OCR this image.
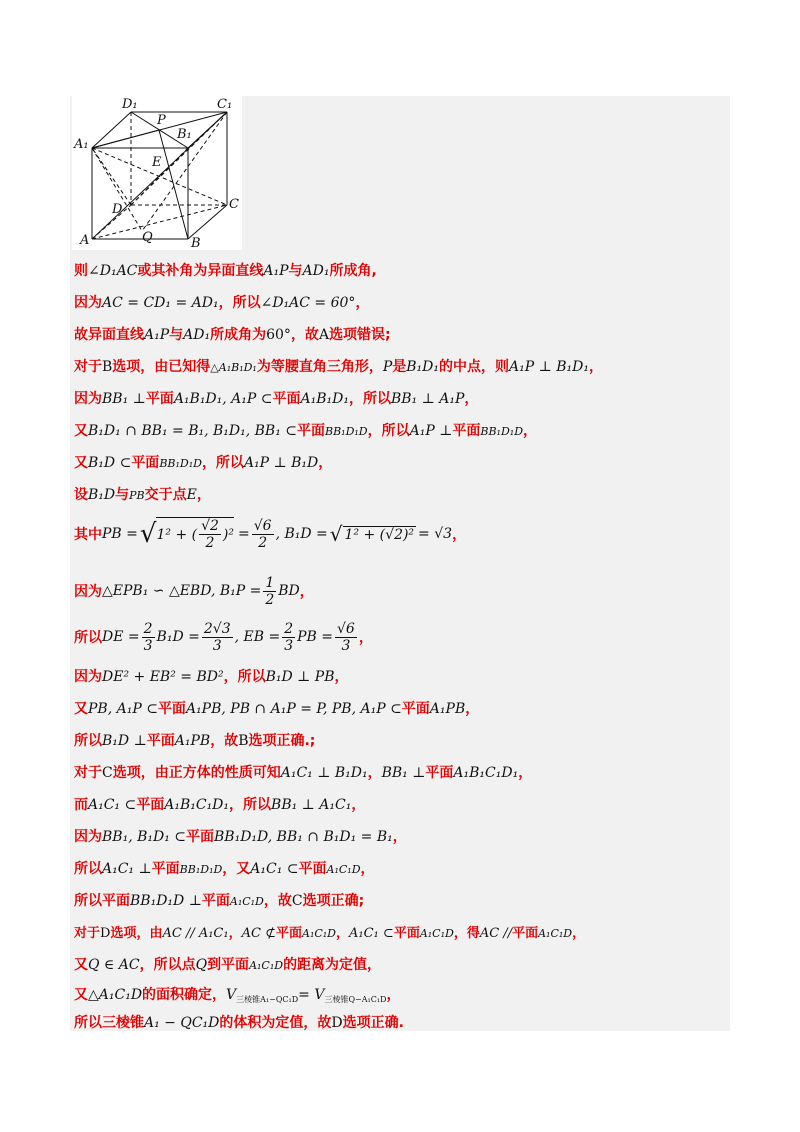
D₁	C₁
A₁
B₁
P
E
D	C
A	Q	B
则∠D₁AC或其补角为异面直线A₁P与AD₁所成角,
因为AC = CD₁ = AD₁，所以∠D₁AC = 60°，
故异面直线A₁P与AD₁所成角为60°，故A选项错误;
对于B选项，由已知得△A₁B₁D₁为等腰直角三角形，P是B₁D₁的中点，则A₁P ⊥ B₁D₁，
因为BB₁ ⊥平面A₁B₁D₁, A₁P ⊂平面A₁B₁D₁，所以BB₁ ⊥ A₁P，
又B₁D₁ ∩ BB₁ = B₁, B₁D₁, BB₁ ⊂平面BB₁D₁D，所以A₁P ⊥平面BB₁D₁D，
又B₁D ⊂平面BB₁D₁D，所以A₁P ⊥ B₁D，
设B₁D与PB交于点E，
其中 PB = √ 1² + ( $\frac{√2}{2} )^2 = \frac{√6}{2}$ , B₁D = √ 1² + (√2)² = √3 ，
因为 △EPB₁ ∽ △EBD, $B_1P = \frac{1}{2}$ BD ，
所以 DE = $\frac{2}{3} B_1D = \frac{2√3}{3}$ , EB = $\frac{2}{3}$ PB = $\frac{√6}{3}$ ，
因为DE² + EB² = BD²，所以B₁D ⊥ PB，
又PB, A₁P ⊂平面A₁PB, PB ∩ A₁P = P, PB, A₁P ⊂平面A₁PB，
所以B₁D ⊥平面A₁PB，故B选项正确.;
对于C选项，由正方体的性质可知A₁C₁ ⊥ B₁D₁，BB₁ ⊥平面A₁B₁C₁D₁，
而A₁C₁ ⊂平面A₁B₁C₁D₁，所以BB₁ ⊥ A₁C₁，
因为BB₁, B₁D₁ ⊂平面BB₁D₁D, BB₁ ∩ B₁D₁ = B₁，
所以A₁C₁ ⊥平面BB₁D₁D，又A₁C₁ ⊂平面A₁C₁D，
所以平面BB₁D₁D ⊥平面A₁C₁D，故C选项正确;
对于D选项，由AC // A₁C₁，AC ⊄平面A₁C₁D，A₁C₁ ⊂平面A₁C₁D，得AC //平面A₁C₁D，
又Q ∈ AC，所以点Q到平面A₁C₁D的距离为定值，
又△A₁C₁D的面积确定，$V_{三棱锥A_1-QC_1D}= V_{三棱锥Q-A_1C_1D}$，
所以三棱锥A₁ − QC₁D的体积为定值，故D选项正确.
